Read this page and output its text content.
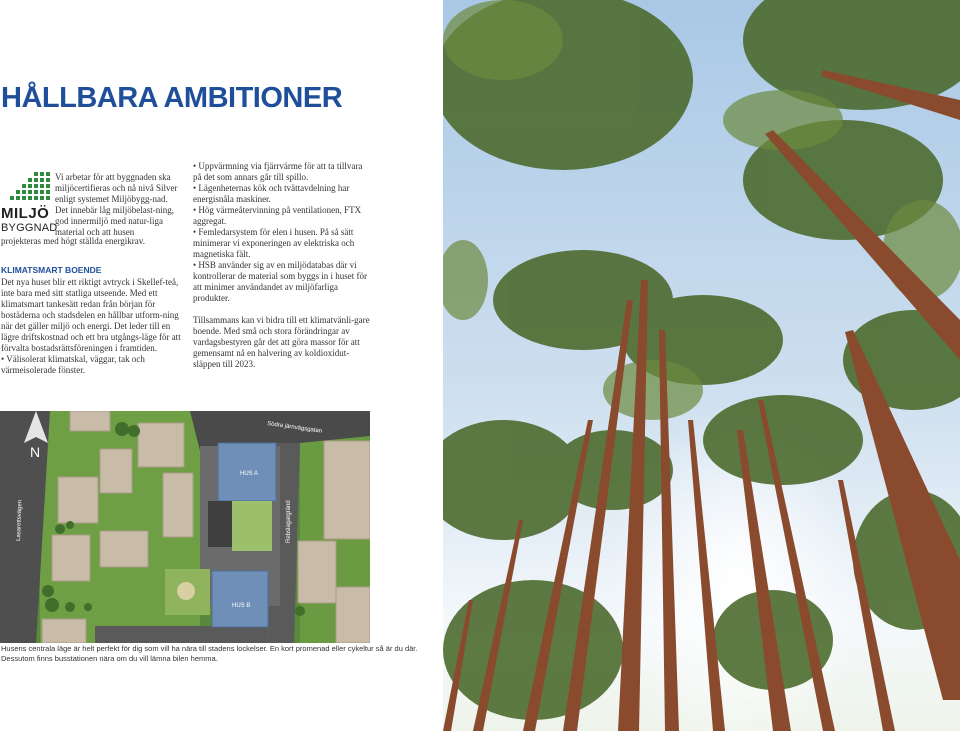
HÅLLBARA AMBITIONER
MILJÖ
BYGGNAD

Vi arbetar för att byggnaden ska miljöcertifieras och nå nivå Silver enligt systemet Miljöbygg-nad. Det innebär låg miljöbelast-ning, god innermiljö med natur-liga material och att husen

projekteras med högt ställda energikrav.

KLIMATSMART BOENDE

Det nya huset blir ett riktigt avtryck i Skellef-teå, inte bara med sitt statliga utseende. Med ett klimatsmart tankesätt redan från början för bostäderna och stadsdelen en hållbar utform-ning när det gäller miljö och energi. Det leder till en lägre driftskostnad och ett bra utgångs-läge för att förvalta bostadsrättsföreningen i framtiden.

• Välisolerat klimatskal, väggar, tak och värmeisolerade fönster.

• Uppvärmning via fjärrvärme för att ta tillvara på det som annars går till spillo.

• Lägenheternas kök och tvättavdelning har energisnåla maskiner.

• Hög värmeåtervinning på ventilationen, FTX aggregat.

• Femledarsystem för elen i husen. På så sätt minimerar vi exponeringen av elektriska och magnetiska fält.

• HSB använder sig av en miljödatabas där vi kontrollerar de material som byggs in i huset för att minimer användandet av miljöfarliga produkter.

Tillsammans kan vi bidra till ett klimatvänli-gare boende. Med små och stora förändringar av vardagsbestyren går det att göra massor för att gemensamt nå en halvering av koldioxidut-släppen till 2023.

N
Södra järnvägsgatan
Lasarettsvägen	Rebslagargränd
HUS A
HUS B

Husens centrala läge är helt perfekt för dig som vill ha nära till stadens lockelser. En kort promenad eller cykeltur så är du där. Dessutom finns busstationen nära om du vill lämna bilen hemma.
